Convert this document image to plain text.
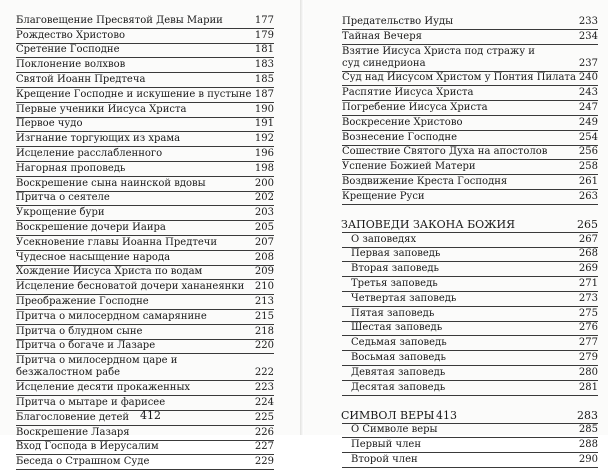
Благовещение Пресвятой Девы Марии	177
Рождество Христово	179
Сретение Господне	181
Поклонение волхвов	183
Святой Иоанн Предтеча	185
Крещение Господне и искушение в пустыне 187
Первые ученики Иисуса Христа	190
Первое чудо	191
Изгнание торгующих из храма	192
Исцеление расслабленного	196
Нагорная проповедь	198
Воскрешение сына наинской вдовы	200
Притча о сеятеле	202
Укрощение бури	203
Воскрешение дочери Иаира	205
Усекновение главы Иоанна Предтечи	207
Чудесное насыщение народа	208
Хождение Иисуса Христа по водам	209
Исцеление бесноватой дочери хананеянки 210
Преображение Господне	213
Притча о милосердном самарянине	215
Притча о блудном сыне	218
Притча о богаче и Лазаре	220
Притча о милосердном царе и безжалостном рабе	222
Исцеление десяти прокаженных	223
Притча о мытаре и фарисее	224
Благословение детей	225
Воскрешение Лазаря	226
Вход Господа в Иерусалим	227
Беседа о Страшном Суде	229
412
Предательство Иуды	233
Тайная Вечеря	234
Взятие Иисуса Христа под стражу и суд синедриона	237
Суд над Иисусом Христом у Понтия Пилата 240
Распятие Иисуса Христа	243
Погребение Иисуса Христа	247
Воскресение Христово	249
Вознесение Господне	254
Сошествие Святого Духа на апостолов	256
Успение Божией Матери	258
Воздвижение Креста Господня	261
Крещение Руси	263
ЗАПОВЕДИ ЗАКОНА БОЖИЯ	265
О заповедях	267
Первая заповедь	268
Вторая заповедь	269
Третья заповедь	271
Четвертая заповедь	273
Пятая заповедь	275
Шестая заповедь	276
Седьмая заповедь	277
Восьмая заповедь	279
Девятая заповедь	280
Десятая заповедь	281
СИМВОЛ ВЕРЫ	283
О Символе веры	285
Первый член	288
Второй член	290
413
